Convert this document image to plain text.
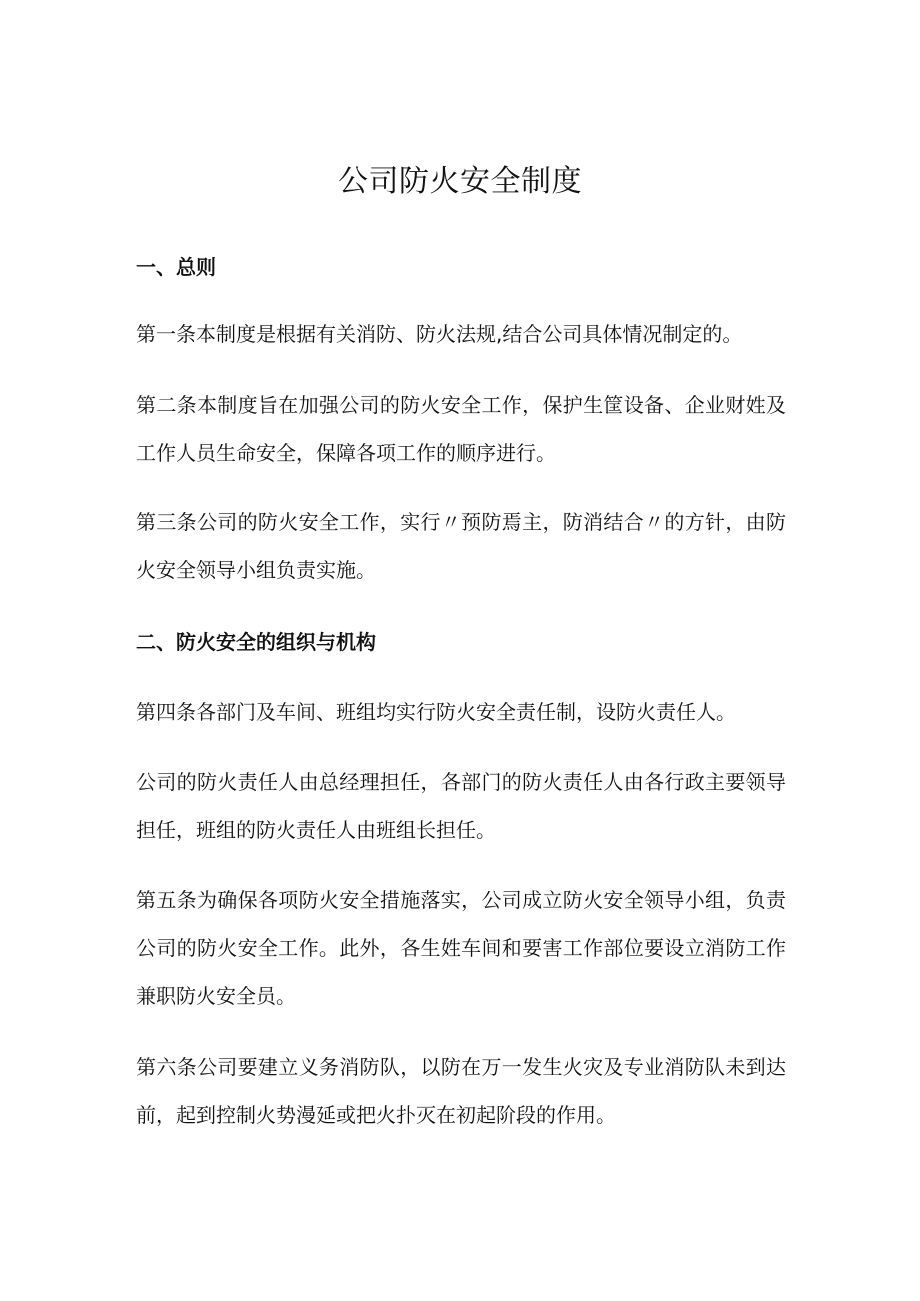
公司防火安全制度
一、总则
第一条本制度是根据有关消防、防火法规,结合公司具体情况制定的。
第二条本制度旨在加强公司的防火安全工作，保护生筐设备、企业财姓及工作人员生命安全，保障各项工作的顺序进行。
第三条公司的防火安全工作，实行〃预防焉主，防消结合〃的方针，由防火安全领导小组负责实施。
二、防火安全的组织与机构
第四条各部门及车间、班组均实行防火安全责任制，设防火责任人。
公司的防火责任人由总经理担任，各部门的防火责任人由各行政主要领导担任，班组的防火责任人由班组长担任。
第五条为确保各项防火安全措施落实，公司成立防火安全领导小组，负责公司的防火安全工作。此外，各生姓车间和要害工作部位要设立消防工作兼职防火安全员。
第六条公司要建立义务消防队，以防在万一发生火灾及专业消防队未到达前，起到控制火势漫延或把火扑灭在初起阶段的作用。
